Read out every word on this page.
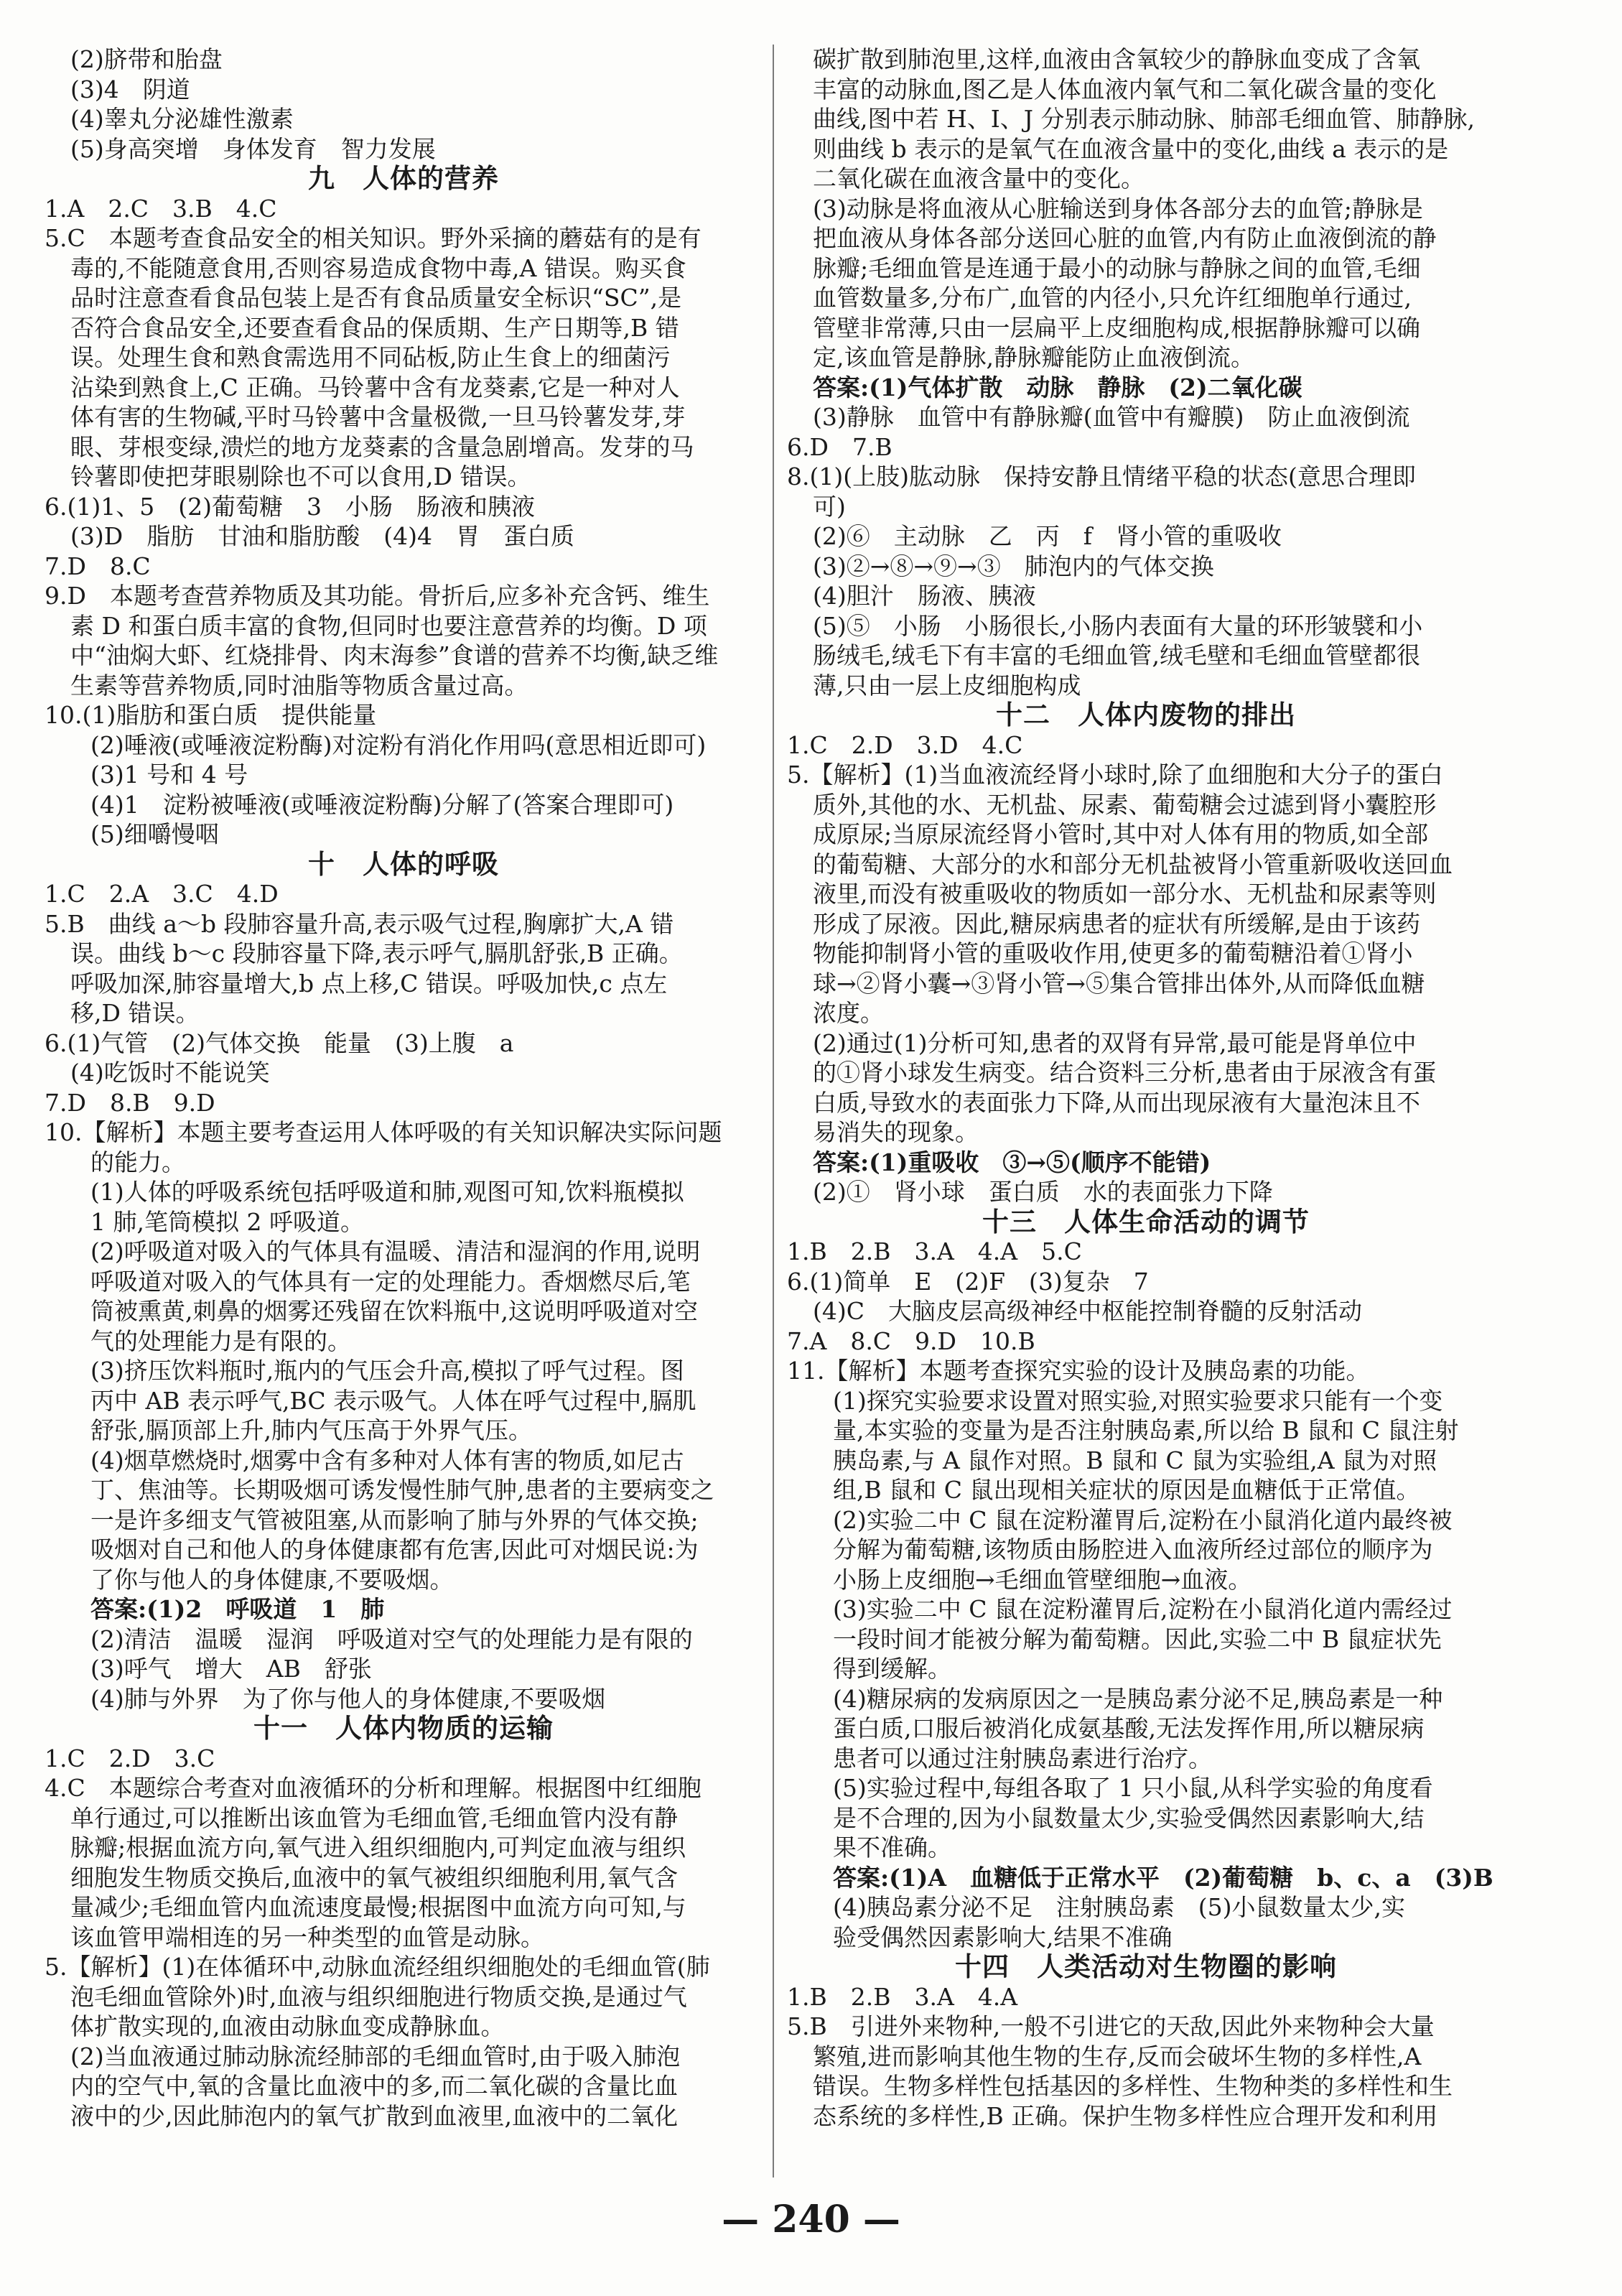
(2)脐带和胎盘
(3)4　阴道
(4)睾丸分泌雄性激素
(5)身高突增　身体发育　智力发展
九　人体的营养
1.A　2.C　3.B　4.C
5.C　本题考查食品安全的相关知识。野外采摘的蘑菇有的是有
毒的,不能随意食用,否则容易造成食物中毒,A 错误。购买食
品时注意查看食品包装上是否有食品质量安全标识“SC”,是
否符合食品安全,还要查看食品的保质期、生产日期等,B 错
误。处理生食和熟食需选用不同砧板,防止生食上的细菌污
沾染到熟食上,C 正确。马铃薯中含有龙葵素,它是一种对人
体有害的生物碱,平时马铃薯中含量极微,一旦马铃薯发芽,芽
眼、芽根变绿,溃烂的地方龙葵素的含量急剧增高。发芽的马
铃薯即使把芽眼剔除也不可以食用,D 错误。
6.(1)1、5　(2)葡萄糖　3　小肠　肠液和胰液
(3)D　脂肪　甘油和脂肪酸　(4)4　胃　蛋白质
7.D　8.C
9.D　本题考查营养物质及其功能。骨折后,应多补充含钙、维生
素 D 和蛋白质丰富的食物,但同时也要注意营养的均衡。D 项
中“油焖大虾、红烧排骨、肉末海参”食谱的营养不均衡,缺乏维
生素等营养物质,同时油脂等物质含量过高。
10.(1)脂肪和蛋白质　提供能量
(2)唾液(或唾液淀粉酶)对淀粉有消化作用吗(意思相近即可)
(3)1 号和 4 号
(4)1　淀粉被唾液(或唾液淀粉酶)分解了(答案合理即可)
(5)细嚼慢咽
十　人体的呼吸
1.C　2.A　3.C　4.D
5.B　曲线 a～b 段肺容量升高,表示吸气过程,胸廓扩大,A 错
误。曲线 b～c 段肺容量下降,表示呼气,膈肌舒张,B 正确。
呼吸加深,肺容量增大,b 点上移,C 错误。呼吸加快,c 点左
移,D 错误。
6.(1)气管　(2)气体交换　能量　(3)上腹　a
(4)吃饭时不能说笑
7.D　8.B　9.D
10.【解析】本题主要考查运用人体呼吸的有关知识解决实际问题
的能力。
(1)人体的呼吸系统包括呼吸道和肺,观图可知,饮料瓶模拟
1 肺,笔筒模拟 2 呼吸道。
(2)呼吸道对吸入的气体具有温暖、清洁和湿润的作用,说明
呼吸道对吸入的气体具有一定的处理能力。香烟燃尽后,笔
筒被熏黄,刺鼻的烟雾还残留在饮料瓶中,这说明呼吸道对空
气的处理能力是有限的。
(3)挤压饮料瓶时,瓶内的气压会升高,模拟了呼气过程。图
丙中 AB 表示呼气,BC 表示吸气。人体在呼气过程中,膈肌
舒张,膈顶部上升,肺内气压高于外界气压。
(4)烟草燃烧时,烟雾中含有多种对人体有害的物质,如尼古
丁、焦油等。长期吸烟可诱发慢性肺气肿,患者的主要病变之
一是许多细支气管被阻塞,从而影响了肺与外界的气体交换;
吸烟对自己和他人的身体健康都有危害,因此可对烟民说:为
了你与他人的身体健康,不要吸烟。
答案:(1)2　呼吸道　1　肺
(2)清洁　温暖　湿润　呼吸道对空气的处理能力是有限的
(3)呼气　增大　AB　舒张
(4)肺与外界　为了你与他人的身体健康,不要吸烟
十一　人体内物质的运输
1.C　2.D　3.C
4.C　本题综合考查对血液循环的分析和理解。根据图中红细胞
单行通过,可以推断出该血管为毛细血管,毛细血管内没有静
脉瓣;根据血流方向,氧气进入组织细胞内,可判定血液与组织
细胞发生物质交换后,血液中的氧气被组织细胞利用,氧气含
量减少;毛细血管内血流速度最慢;根据图中血流方向可知,与
该血管甲端相连的另一种类型的血管是动脉。
5.【解析】(1)在体循环中,动脉血流经组织细胞处的毛细血管(肺
泡毛细血管除外)时,血液与组织细胞进行物质交换,是通过气
体扩散实现的,血液由动脉血变成静脉血。
(2)当血液通过肺动脉流经肺部的毛细血管时,由于吸入肺泡
内的空气中,氧的含量比血液中的多,而二氧化碳的含量比血
液中的少,因此肺泡内的氧气扩散到血液里,血液中的二氧化
碳扩散到肺泡里,这样,血液由含氧较少的静脉血变成了含氧
丰富的动脉血,图乙是人体血液内氧气和二氧化碳含量的变化
曲线,图中若 H、I、J 分别表示肺动脉、肺部毛细血管、肺静脉,
则曲线 b 表示的是氧气在血液含量中的变化,曲线 a 表示的是
二氧化碳在血液含量中的变化。
(3)动脉是将血液从心脏输送到身体各部分去的血管;静脉是
把血液从身体各部分送回心脏的血管,内有防止血液倒流的静
脉瓣;毛细血管是连通于最小的动脉与静脉之间的血管,毛细
血管数量多,分布广,血管的内径小,只允许红细胞单行通过,
管壁非常薄,只由一层扁平上皮细胞构成,根据静脉瓣可以确
定,该血管是静脉,静脉瓣能防止血液倒流。
答案:(1)气体扩散　动脉　静脉　(2)二氧化碳
(3)静脉　血管中有静脉瓣(血管中有瓣膜)　防止血液倒流
6.D　7.B
8.(1)(上肢)肱动脉　保持安静且情绪平稳的状态(意思合理即
可)
(2)⑥　主动脉　乙　丙　f　肾小管的重吸收
(3)②→⑧→⑨→③　肺泡内的气体交换
(4)胆汁　肠液、胰液
(5)⑤　小肠　小肠很长,小肠内表面有大量的环形皱襞和小
肠绒毛,绒毛下有丰富的毛细血管,绒毛壁和毛细血管壁都很
薄,只由一层上皮细胞构成
十二　人体内废物的排出
1.C　2.D　3.D　4.C
5.【解析】(1)当血液流经肾小球时,除了血细胞和大分子的蛋白
质外,其他的水、无机盐、尿素、葡萄糖会过滤到肾小囊腔形
成原尿;当原尿流经肾小管时,其中对人体有用的物质,如全部
的葡萄糖、大部分的水和部分无机盐被肾小管重新吸收送回血
液里,而没有被重吸收的物质如一部分水、无机盐和尿素等则
形成了尿液。因此,糖尿病患者的症状有所缓解,是由于该药
物能抑制肾小管的重吸收作用,使更多的葡萄糖沿着①肾小
球→②肾小囊→③肾小管→⑤集合管排出体外,从而降低血糖
浓度。
(2)通过(1)分析可知,患者的双肾有异常,最可能是肾单位中
的①肾小球发生病变。结合资料三分析,患者由于尿液含有蛋
白质,导致水的表面张力下降,从而出现尿液有大量泡沫且不
易消失的现象。
答案:(1)重吸收　③→⑤(顺序不能错)
(2)①　肾小球　蛋白质　水的表面张力下降
十三　人体生命活动的调节
1.B　2.B　3.A　4.A　5.C
6.(1)简单　E　(2)F　(3)复杂　7
(4)C　大脑皮层高级神经中枢能控制脊髓的反射活动
7.A　8.C　9.D　10.B
11.【解析】本题考查探究实验的设计及胰岛素的功能。
(1)探究实验要求设置对照实验,对照实验要求只能有一个变
量,本实验的变量为是否注射胰岛素,所以给 B 鼠和 C 鼠注射
胰岛素,与 A 鼠作对照。B 鼠和 C 鼠为实验组,A 鼠为对照
组,B 鼠和 C 鼠出现相关症状的原因是血糖低于正常值。
(2)实验二中 C 鼠在淀粉灌胃后,淀粉在小鼠消化道内最终被
分解为葡萄糖,该物质由肠腔进入血液所经过部位的顺序为
小肠上皮细胞→毛细血管壁细胞→血液。
(3)实验二中 C 鼠在淀粉灌胃后,淀粉在小鼠消化道内需经过
一段时间才能被分解为葡萄糖。因此,实验二中 B 鼠症状先
得到缓解。
(4)糖尿病的发病原因之一是胰岛素分泌不足,胰岛素是一种
蛋白质,口服后被消化成氨基酸,无法发挥作用,所以糖尿病
患者可以通过注射胰岛素进行治疗。
(5)实验过程中,每组各取了 1 只小鼠,从科学实验的角度看
是不合理的,因为小鼠数量太少,实验受偶然因素影响大,结
果不准确。
答案:(1)A　血糖低于正常水平　(2)葡萄糖　b、c、a　(3)B
(4)胰岛素分泌不足　注射胰岛素　(5)小鼠数量太少,实
验受偶然因素影响大,结果不准确
十四　人类活动对生物圈的影响
1.B　2.B　3.A　4.A
5.B　引进外来物种,一般不引进它的天敌,因此外来物种会大量
繁殖,进而影响其他生物的生存,反而会破坏生物的多样性,A
错误。生物多样性包括基因的多样性、生物种类的多样性和生
态系统的多样性,B 正确。保护生物多样性应合理开发和利用
— 240 —
